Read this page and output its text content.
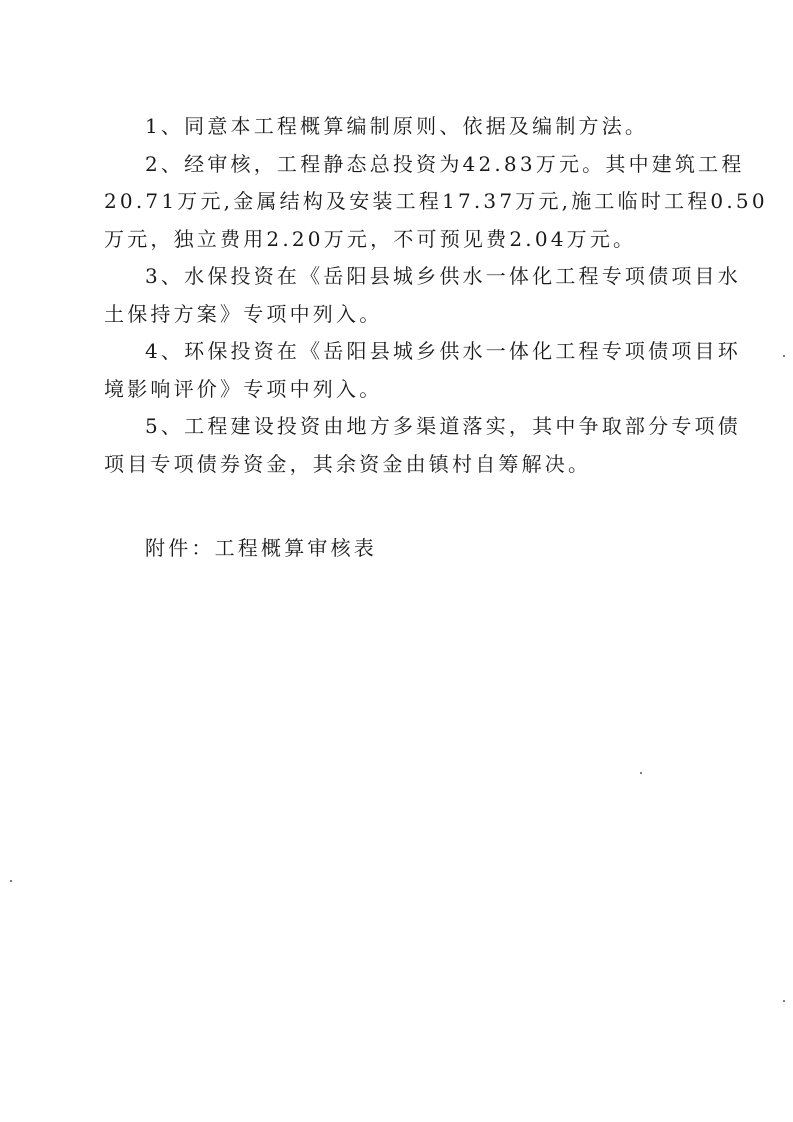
1、同意本工程概算编制原则、依据及编制方法。
2、经审核，工程静态总投资为42.83万元。其中建筑工程
20.71万元,金属结构及安装工程17.37万元,施工临时工程0.50
万元，独立费用2.20万元，不可预见费2.04万元。
3、水保投资在《岳阳县城乡供水一体化工程专项债项目水
土保持方案》专项中列入。
4、环保投资在《岳阳县城乡供水一体化工程专项债项目环
境影响评价》专项中列入。
5、工程建设投资由地方多渠道落实，其中争取部分专项债
项目专项债券资金，其余资金由镇村自筹解决。
附件：工程概算审核表
